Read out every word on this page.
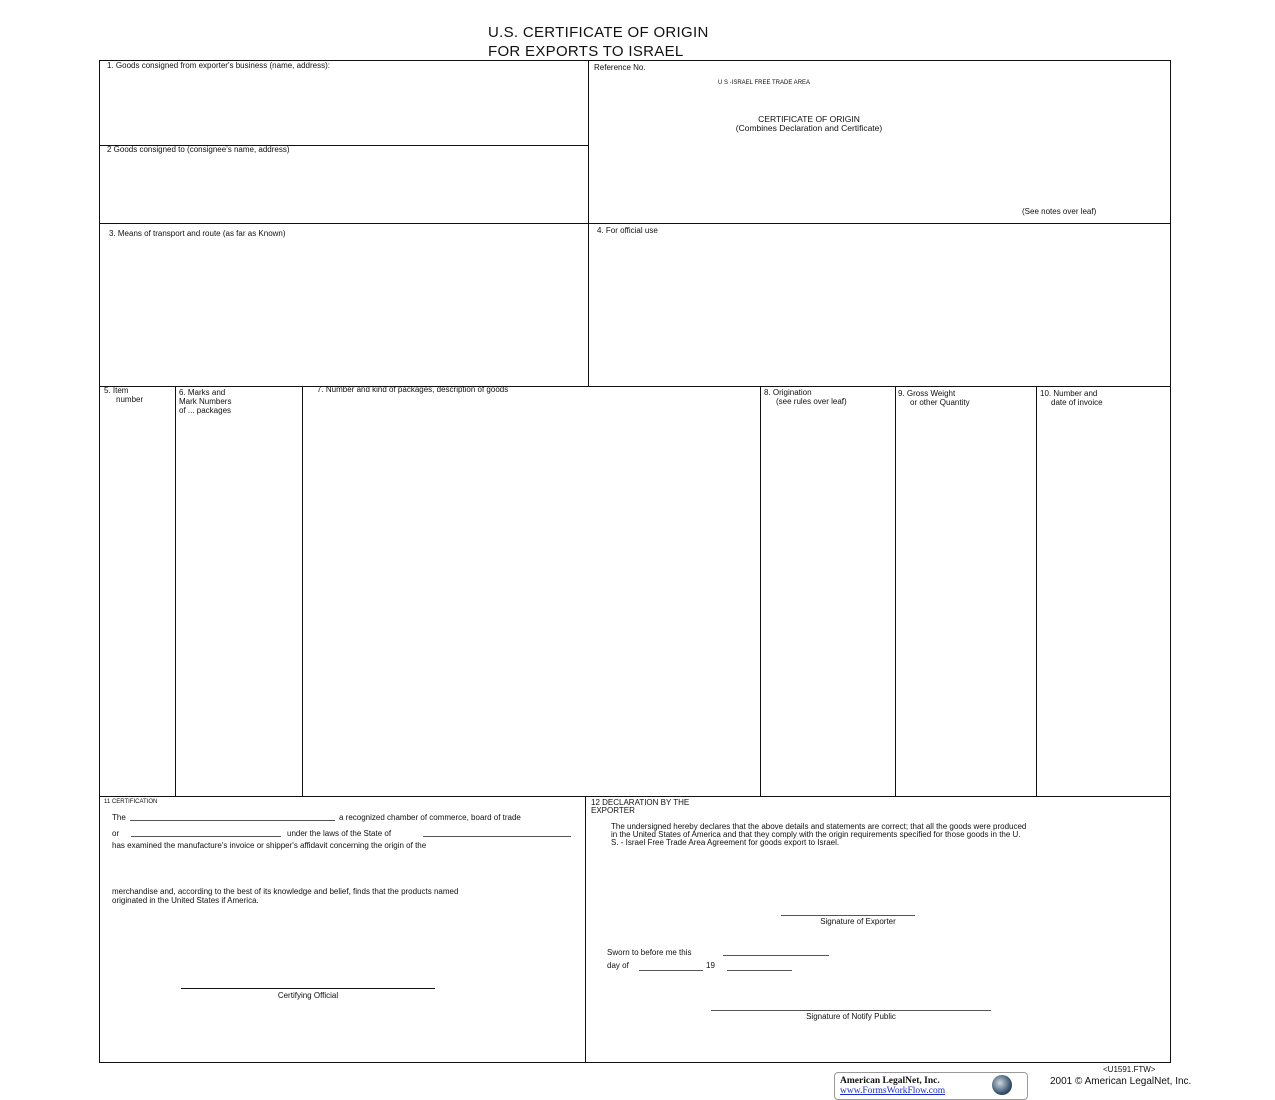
U.S. CERTIFICATE OF ORIGIN
FOR EXPORTS TO ISRAEL
1. Goods consigned from exporter's business (name, address):
2 Goods consigned to (consignee's name, address)
Reference No.
U S -ISRAEL FREE TRADE AREA
CERTIFICATE OF ORIGIN
(Combines Declaration and Certificate)
(See notes over leaf)
3. Means of transport and route (as far as Known)	4. For official use
5. Item
number
6. Marks and
Mark Numbers
of ... packages
7. Number and kind of packages, description of goods	8. Origination
(see rules over leaf)
9. Gross Weight
or other Quantity
10. Number and
date of invoice
11 CERTIFICATION
The	a recognized chamber of commerce, board of trade
or	under the laws of the State of
has examined the manufacture's invoice or shipper's affidavit concerning the origin of the
merchandise and, according to the best of its knowledge and belief, finds that the products named
originated in the United States if America.
Certifying Official
12 DECLARATION BY THE
EXPORTER
The undersigned hereby declares that the above details and statements are correct; that all the goods were produced
in the United States of America and that they comply with the origin requirements specified for those goods in the U.
S. - Israel Free Trade Area Agreement for goods export to Israel.
Signature of Exporter
Sworn to before me this
day of	19
Signature of Notify Public
<U1591.FTW>
American LegalNet, Inc.
www.FormsWorkFlow.com
2001 © American LegalNet, Inc.
